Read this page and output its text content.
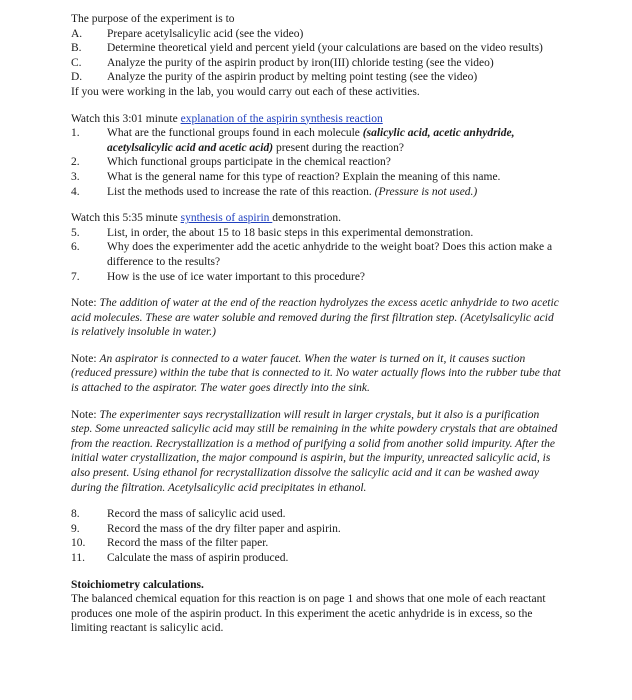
The purpose of the experiment is to

A.	Prepare acetylsalicylic acid (see the video)
B.	Determine theoretical yield and percent yield (your calculations are based on the video results)
C.	Analyze the purity of the aspirin product by iron(III) chloride testing (see the video)
D.	Analyze the purity of the aspirin product by melting point testing (see the video)

If you were working in the lab, you would carry out each of these activities.

Watch this 3:01 minute explanation of the aspirin synthesis reaction

1.	What are the functional groups found in each molecule (salicylic acid, acetic anhydride, acetylsalicylic acid and acetic acid) present during the reaction?
2.	Which functional groups participate in the chemical reaction?
3.	What is the general name for this type of reaction? Explain the meaning of this name.
4.	List the methods used to increase the rate of this reaction. (Pressure is not used.)

Watch this 5:35 minute synthesis of aspirin demonstration.

5.	List, in order, the about 15 to 18 basic steps in this experimental demonstration.
6.	Why does the experimenter add the acetic anhydride to the weight boat? Does this action make a difference to the results?
7.	How is the use of ice water important to this procedure?

Note: The addition of water at the end of the reaction hydrolyzes the excess acetic anhydride to two acetic acid molecules. These are water soluble and removed during the first filtration step. (Acetylsalicylic acid is relatively insoluble in water.)

Note: An aspirator is connected to a water faucet. When the water is turned on it, it causes suction (reduced pressure) within the tube that is connected to it. No water actually flows into the rubber tube that is attached to the aspirator. The water goes directly into the sink.

Note: The experimenter says recrystallization will result in larger crystals, but it also is a purification step. Some unreacted salicylic acid may still be remaining in the white powdery crystals that are obtained from the reaction. Recrystallization is a method of purifying a solid from another solid impurity. After the initial water crystallization, the major compound is aspirin, but the impurity, unreacted salicylic acid, is also present. Using ethanol for recrystallization dissolve the salicylic acid and it can be washed away during the filtration. Acetylsalicylic acid precipitates in ethanol.

8.	Record the mass of salicylic acid used.
9.	Record the mass of the dry filter paper and aspirin.
10.	Record the mass of the filter paper.
11.	Calculate the mass of aspirin produced.

Stoichiometry calculations.

The balanced chemical equation for this reaction is on page 1 and shows that one mole of each reactant produces one mole of the aspirin product. In this experiment the acetic anhydride is in excess, so the limiting reactant is salicylic acid.
